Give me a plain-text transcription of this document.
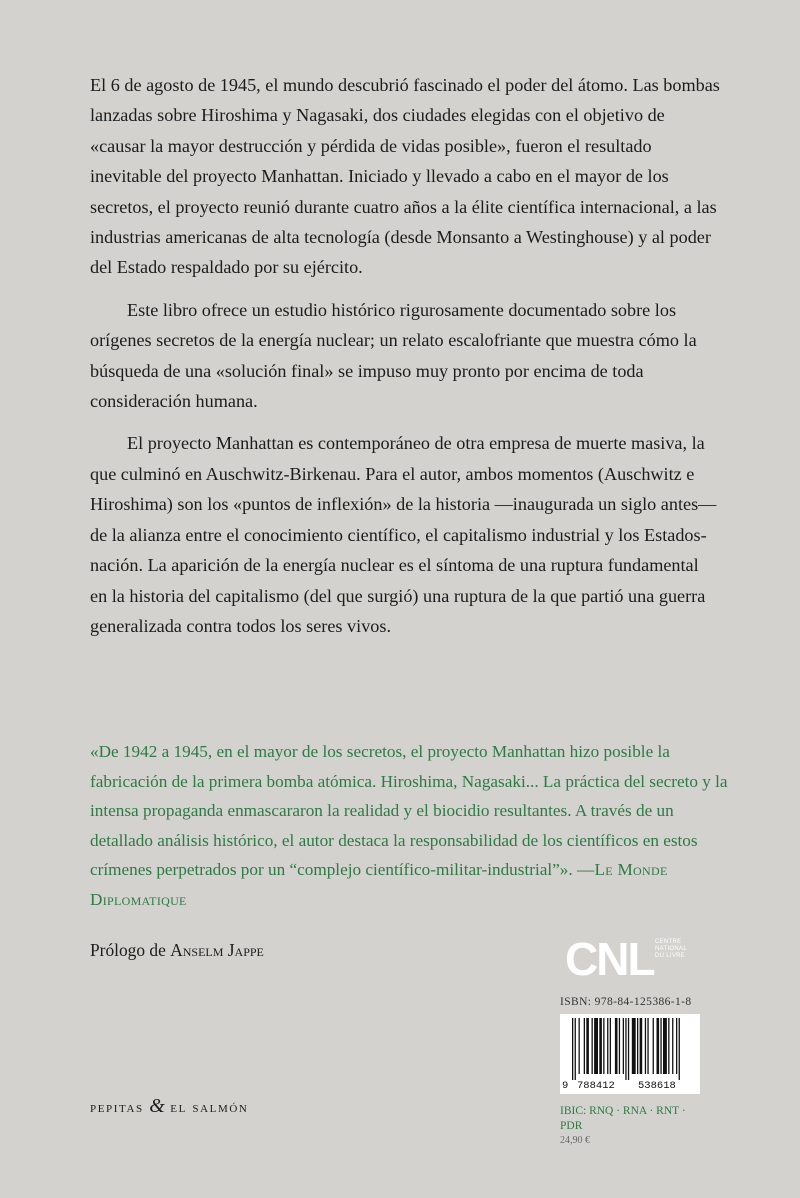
El 6 de agosto de 1945, el mundo descubrió fascinado el poder del átomo. Las bombas lanzadas sobre Hiroshima y Nagasaki, dos ciudades elegidas con el objetivo de «causar la mayor destrucción y pérdida de vidas posible», fueron el resultado inevitable del proyecto Manhattan. Iniciado y llevado a cabo en el mayor de los secretos, el proyecto reunió durante cuatro años a la élite científica internacional, a las industrias americanas de alta tecnología (desde Monsanto a Westinghouse) y al poder del Estado respaldado por su ejército.

Este libro ofrece un estudio histórico rigurosamente documentado sobre los orígenes secretos de la energía nuclear; un relato escalofriante que muestra cómo la búsqueda de una «solución final» se impuso muy pronto por encima de toda consideración humana.

El proyecto Manhattan es contemporáneo de otra empresa de muerte masiva, la que culminó en Auschwitz-Birkenau. Para el autor, ambos momentos (Auschwitz e Hiroshima) son los «puntos de inflexión» de la historia —inaugurada un siglo antes— de la alianza entre el conocimiento científico, el capitalismo industrial y los Estados-nación. La aparición de la energía nuclear es el síntoma de una ruptura fundamental en la historia del capitalismo (del que surgió) una ruptura de la que partió una guerra generalizada contra todos los seres vivos.

«De 1942 a 1945, en el mayor de los secretos, el proyecto Manhattan hizo posible la fabricación de la primera bomba atómica. Hiroshima, Nagasaki... La práctica del secreto y la intensa propaganda enmascararon la realidad y el biocidio resultantes. A través de un detallado análisis histórico, el autor destaca la responsabilidad de los científicos en estos crímenes perpetrados por un “complejo científico-militar-industrial”». —Le Monde Diplomatique
Prólogo de Anselm Jappe
pepitas & el salmón
CNL CENTRE
NATIONAL
DU LIVRE
ISBN: 978-84-125386-1-8
9 788412 538618
IBIC: RNQ · RNA · RNT · PDR
24,90 €
